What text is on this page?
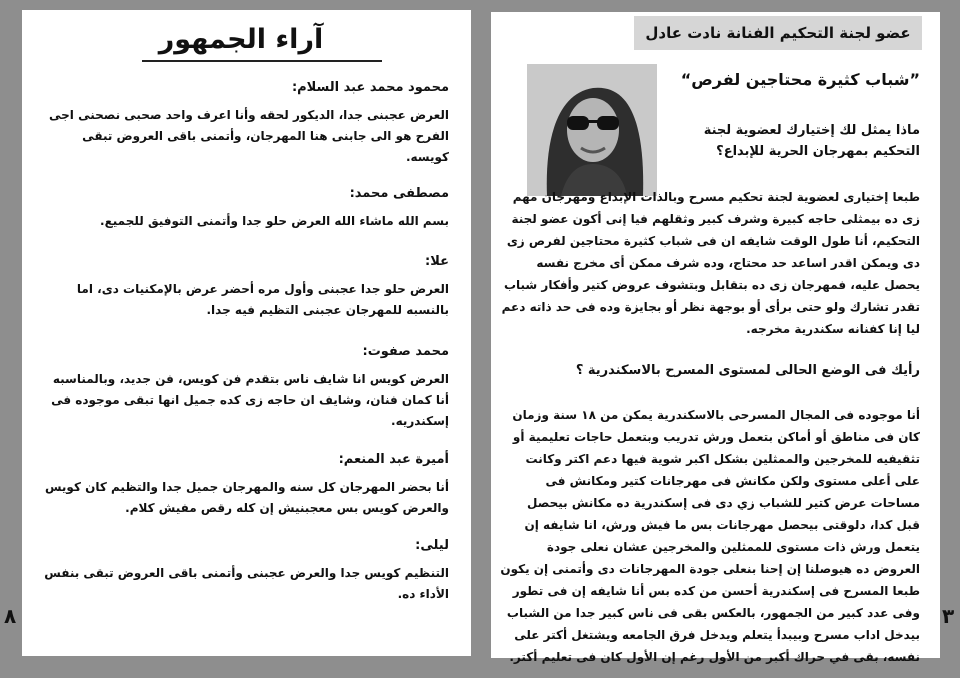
آراء الجمهور

محمود محمد عبد السلام:

العرض عجبنى جدا، الديكور لحقه وأنا اعرف واحد صحبى نصحنى اجى الفرح هو الى جابنى هنا المهرجان، وأتمنى باقى العروض تبقى كويسه.

مصطفى محمد:

بسم الله ماشاء الله العرض حلو جدا وأتمنى التوفيق للجميع.

علا:

العرض حلو جدا عجبنى وأول مره أحضر عرض بالإمكنيات دى، اما بالنسبه للمهرجان عجبنى التظيم فيه جدا.

محمد صفوت:

العرض كويس انا شايف ناس بتقدم فن كويس، فن جديد، وبالمناسبه أنا كمان فنان، وشايف ان حاجه زى كده جميل انها تبقى موجوده فى إسكندريه.

أميرة عبد المنعم:

أنا بحضر المهرجان كل سنه والمهرجان جميل جدا والتظيم كان كويس والعرض كويس بس معجبنيش إن كله رقص مفيش كلام.

ليلى:

التنظيم كويس جدا والعرض عجبنى وأتمنى باقى العروض تبقى بنفس الأداء ده.

٨
عضو لجنة التحكيم الفنانة نادت عادل
”شباب كثيرة محتاجين لفرص“

ماذا يمثل لك إختيارك لعضوية لجنة التحكيم بمهرجان الحرية للإبداع؟

طبعا إختيارى لعضوية لجنة تحكيم مسرح وبالذات الإبداع ومهرجان مهم زى ده بيمثلى حاجه كبيرة وشرف كبير وثقلهم فيا إنى أكون عضو لجنة التحكيم، أنا طول الوقت شايفه ان فى شباب كثيرة محتاجين لفرص زى دى ويمكن اقدر اساعد حد محتاج، وده شرف ممكن أى مخرج نفسه يحصل عليه، فمهرجان زى ده بتقابل وبتشوف عروض كتير وأفكار شباب تقدر تشارك ولو حتى برأى أو بوجهة نظر أو بجايزة وده فى حد ذاته دعم ليا إنا كفنانه سكندرية مخرجه.

رأيك فى الوضع الحالى لمستوى المسرح بالاسكندرية ؟

أنا موجوده فى المجال المسرحى بالاسكندرية يمكن من ١٨ سنة وزمان كان فى مناطق أو أماكن بتعمل ورش تدريب وبتعمل حاجات تعليمية أو تثقيفيه للمخرجين والممثلين بشكل اكبر شوية فيها دعم اكتر وكانت على أعلى مستوى ولكن مكانش فى مهرجانات كتير ومكانش فى مساحات عرض كتير للشباب زي دى فى إسكندرية ده مكانش بيحصل قبل كدا، دلوقتى بيحصل مهرجانات بس ما فيش ورش، انا شايفه إن يتعمل ورش ذات مستوى للممثلين والمخرجين عشان نعلى جودة العروض ده هيوصلنا إن إحنا بنعلى جودة المهرجانات دى وأتمنى إن يكون طبعا المسرح فى إسكندرية أحسن من كده بس أنا شايفه إن فى تطور وفى عدد كبير من الجمهور، بالعكس بقى فى ناس كبير جدا من الشباب بيدخل اداب مسرح وبيبدأ يتعلم ويدخل فرق الجامعه ويشتغل أكتر على نفسه، بقى في حراك أكبر من الأول رغم إن الأول كان فى تعليم أكتر.

٣
